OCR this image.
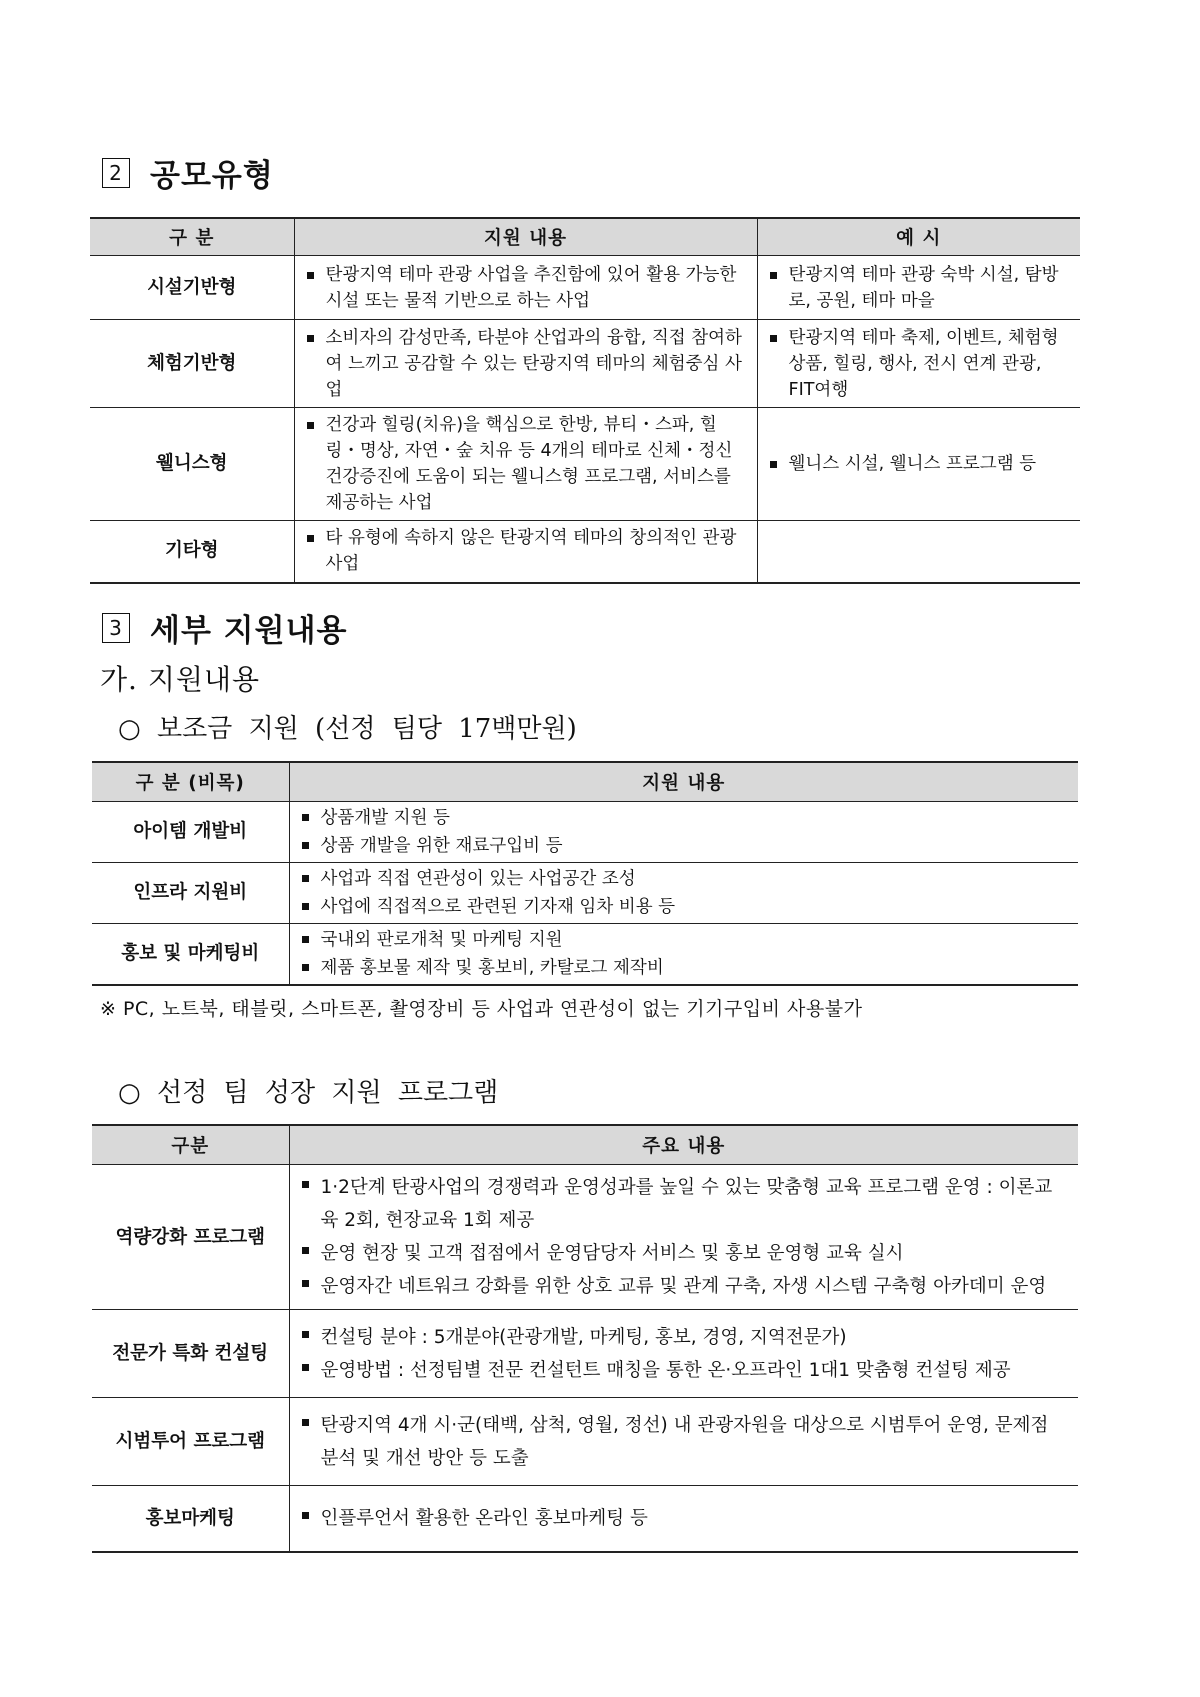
2 공모유형
구 분	지원 내용	예 시
시설기반형	탄광지역 테마 관광 사업을 추진함에 있어 활용 가능한 시설 또는 물적 기반으로 하는 사업	탄광지역 테마 관광 숙박 시설, 탐방로, 공원, 테마 마을

체험기반형	소비자의 감성만족, 타분야 산업과의 융합, 직접 참여하여 느끼고 공감할 수 있는 탄광지역 테마의 체험중심 사업	탄광지역 테마 축제, 이벤트, 체험형 상품, 힐링, 행사, 전시 연계 관광, FIT여행

웰니스형	건강과 힐링(치유)을 핵심으로 한방, 뷰티・스파, 힐링・명상, 자연・숲 치유 등 4개의 테마로 신체・정신 건강증진에 도움이 되는 웰니스형 프로그램, 서비스를 제공하는 사업	웰니스 시설, 웰니스 프로그램 등

기타형	타 유형에 속하지 않은 탄광지역 테마의 창의적인 관광사업	

3 세부 지원내용
가. 지원내용
○ 보조금 지원 (선정 팀당 17백만원)
구 분 (비목)	지원 내용
아이템 개발비	상품개발 지원 등
상품 개발을 위한 재료구입비 등

인프라 지원비	사업과 직접 연관성이 있는 사업공간 조성
사업에 직접적으로 관련된 기자재 임차 비용 등

홍보 및 마케팅비	국내외 판로개척 및 마케팅 지원
제품 홍보물 제작 및 홍보비, 카탈로그 제작비
※ PC, 노트북, 태블릿, 스마트폰, 촬영장비 등 사업과 연관성이 없는 기기구입비 사용불가
○ 선정 팀 성장 지원 프로그램
구분	주요 내용
역량강화 프로그램	1·2단계 탄광사업의 경쟁력과 운영성과를 높일 수 있는 맞춤형 교육 프로그램 운영 : 이론교육 2회, 현장교육 1회 제공
운영 현장 및 고객 접점에서 운영담당자 서비스 및 홍보 운영형 교육 실시
운영자간 네트워크 강화를 위한 상호 교류 및 관계 구축, 자생 시스템 구축형 아카데미 운영

전문가 특화 컨설팅	컨설팅 분야 : 5개분야(관광개발, 마케팅, 홍보, 경영, 지역전문가)
운영방법 : 선정팀별 전문 컨설턴트 매칭을 통한 온·오프라인 1대1 맞춤형 컨설팅 제공

시범투어 프로그램	탄광지역 4개 시·군(태백, 삼척, 영월, 정선) 내 관광자원을 대상으로 시범투어 운영, 문제점 분석 및 개선 방안 등 도출

홍보마케팅	인플루언서 활용한 온라인 홍보마케팅 등
